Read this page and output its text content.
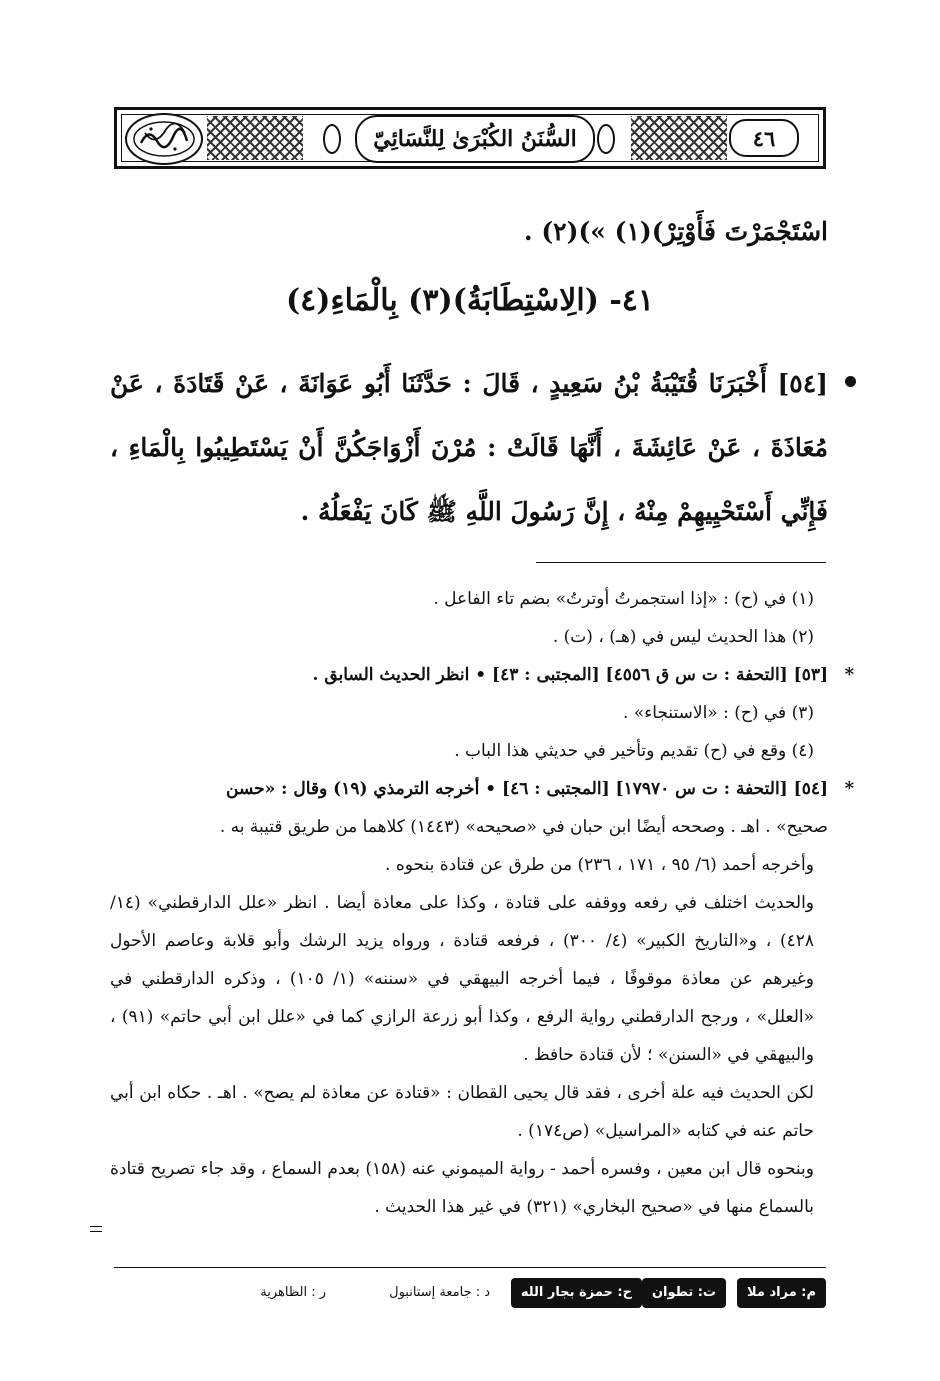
السُّنَنُ الكُبْرَىٰ لِلنَّسَائِيّ	٤٦
اسْتَجْمَرْتَ فَأَوْتِرْ)(١) »)(٢) .
٤١- (الِاسْتِطَابَةُ)(٣) بِالْمَاءِ(٤)
[٥٤] أَخْبَرَنَا قُتَيْبَةُ بْنُ سَعِيدٍ ، قَالَ : حَدَّثَنَا أَبُو عَوَانَةَ ، عَنْ قَتَادَةَ ، عَنْ مُعَاذَةَ ، عَنْ عَائِشَةَ ، أَنَّهَا قَالَتْ : مُرْنَ أَزْوَاجَكُنَّ أَنْ يَسْتَطِيبُوا بِالْمَاءِ ، فَإِنِّي أَسْتَحْيِيهِمْ مِنْهُ ، إِنَّ رَسُولَ اللَّهِ ﷺ كَانَ يَفْعَلُهُ .
(١) في (ح) : «إذا استجمرتُ أوترتُ» بضم تاء الفاعل .
(٢) هذا الحديث ليس في (هـ) ، (ت) .
*
[٥٣] [التحفة : ت س ق ٤٥٥٦] [المجتبى : ٤٣] • انظر الحديث السابق .
(٣) في (ح) : «الاستنجاء» .
(٤) وقع في (ح) تقديم وتأخير في حديثي هذا الباب .
*
[٥٤] [التحفة : ت س ١٧٩٧٠] [المجتبى : ٤٦] • أخرجه الترمذي (١٩) وقال : «حسن
صحيح» . اهـ . وصححه أيضًا ابن حبان في «صحيحه» (١٤٤٣) كلاهما من طريق قتيبة به .
وأخرجه أحمد (٦/ ٩٥ ، ١٧١ ، ٢٣٦) من طرق عن قتادة بنحوه .
والحديث اختلف في رفعه ووقفه على قتادة ، وكذا على معاذة أيضا . انظر «علل الدارقطني» (١٤/ ٤٢٨) ، و«التاريخ الكبير» (٤/ ٣٠٠) ، فرفعه قتادة ، ورواه يزيد الرشك وأبو قلابة وعاصم الأحول وغيرهم عن معاذة موقوفًا ، فيما أخرجه البيهقي في «سننه» (١/ ١٠٥) ، وذكره الدارقطني في «العلل» ، ورجح الدارقطني رواية الرفع ، وكذا أبو زرعة الرازي كما في «علل ابن أبي حاتم» (٩١) ، والبيهقي في «السنن» ؛ لأن قتادة حافظ .
لكن الحديث فيه علة أخرى ، فقد قال يحيى القطان : «قتادة عن معاذة لم يصح» . اهـ . حكاه ابن أبي حاتم عنه في كتابه «المراسيل» (ص١٧٤) .
وبنحوه قال ابن معين ، وفسره أحمد - رواية الميموني عنه (١٥٨) بعدم السماع ، وقد جاء تصريح قتادة بالسماع منها في «صحيح البخاري» (٣٢١) في غير هذا الحديث .
م: مراد ملا
ت: تطوان
ح: حمزة بجار الله
د : جامعة إستانبول
ر : الظاهرية
